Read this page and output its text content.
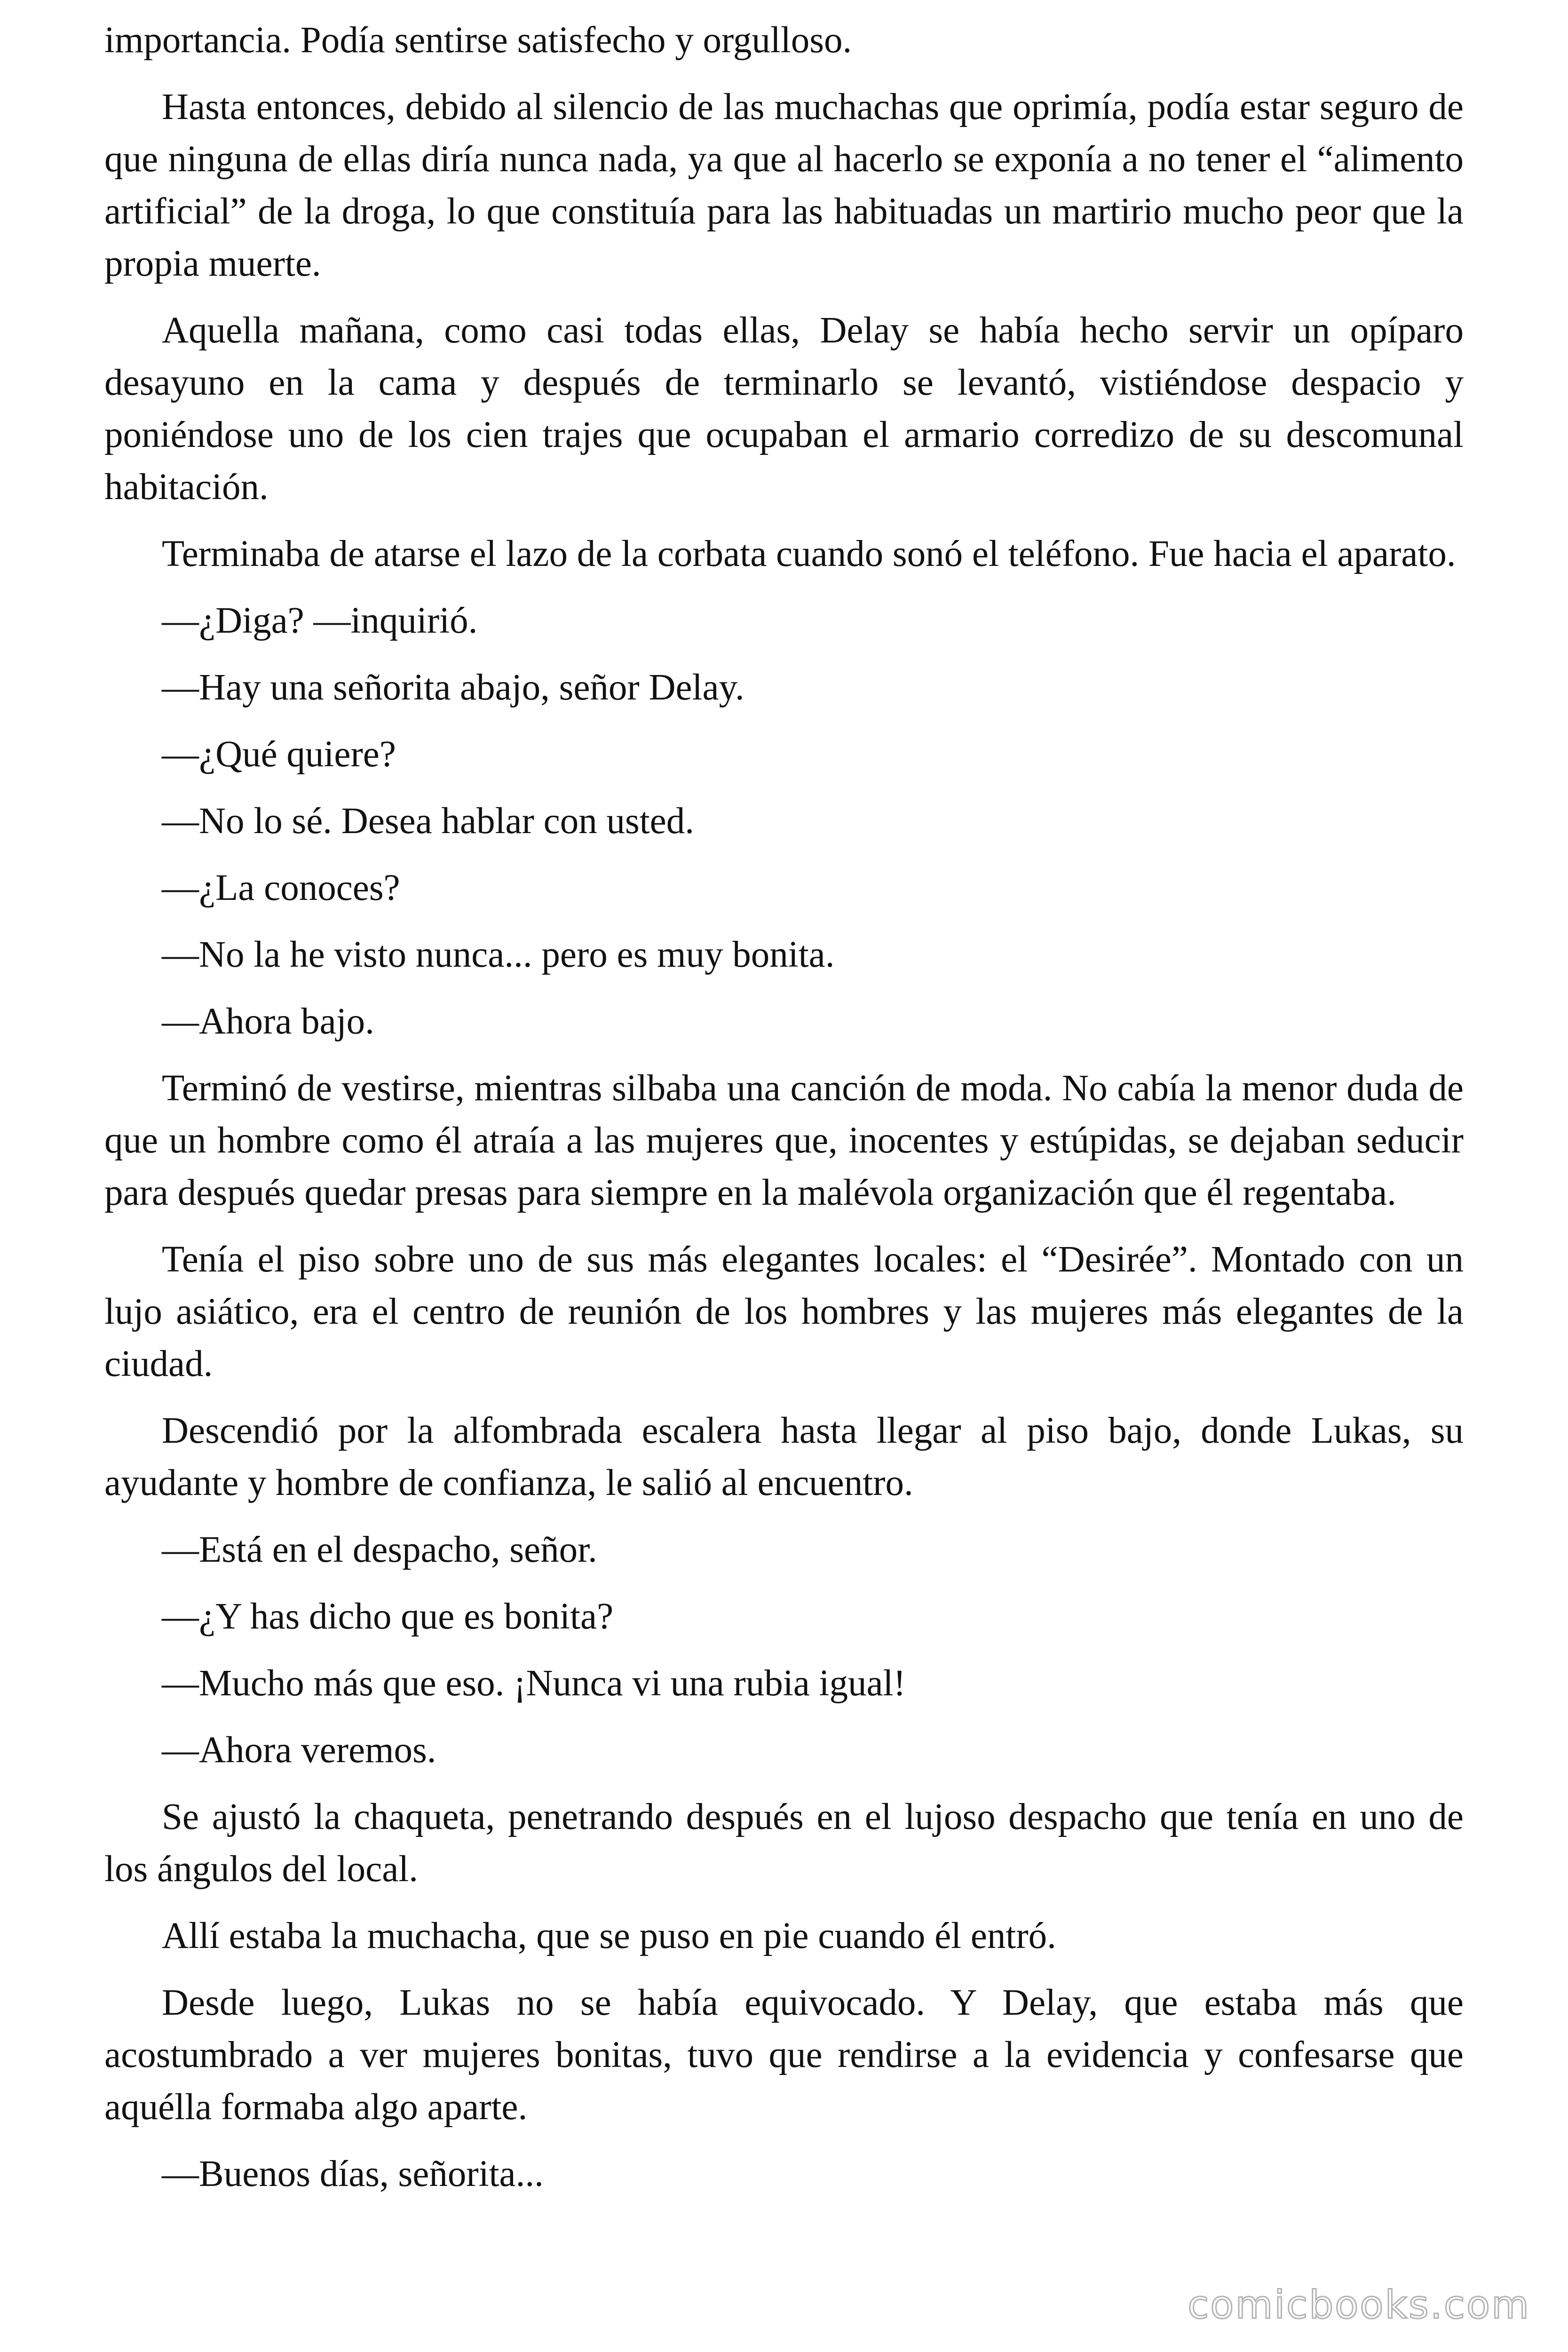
importancia. Podía sentirse satisfecho y orgulloso.

Hasta entonces, debido al silencio de las muchachas que oprimía, podía estar seguro de que ninguna de ellas diría nunca nada, ya que al hacerlo se exponía a no tener el “alimento artificial” de la droga, lo que constituía para las habituadas un martirio mucho peor que la propia muerte.

Aquella mañana, como casi todas ellas, Delay se había hecho servir un opíparo desayuno en la cama y después de terminarlo se levantó, vistiéndose despacio y poniéndose uno de los cien trajes que ocupaban el armario corredizo de su descomunal habitación.

Terminaba de atarse el lazo de la corbata cuando sonó el teléfono. Fue hacia el aparato.

—¿Diga? —inquirió.

—Hay una señorita abajo, señor Delay.

—¿Qué quiere?

—No lo sé. Desea hablar con usted.

—¿La conoces?

—No la he visto nunca... pero es muy bonita.

—Ahora bajo.

Terminó de vestirse, mientras silbaba una canción de moda. No cabía la menor duda de que un hombre como él atraía a las mujeres que, inocentes y estúpidas, se dejaban seducir para después quedar presas para siempre en la malévola organización que él regentaba.

Tenía el piso sobre uno de sus más elegantes locales: el “Desirée”. Montado con un lujo asiático, era el centro de reunión de los hombres y las mujeres más elegantes de la ciudad.

Descendió por la alfombrada escalera hasta llegar al piso bajo, donde Lukas, su ayudante y hombre de confianza, le salió al encuentro.

—Está en el despacho, señor.

—¿Y has dicho que es bonita?

—Mucho más que eso. ¡Nunca vi una rubia igual!

—Ahora veremos.

Se ajustó la chaqueta, penetrando después en el lujoso despacho que tenía en uno de los ángulos del local.

Allí estaba la muchacha, que se puso en pie cuando él entró.

Desde luego, Lukas no se había equivocado. Y Delay, que estaba más que acostumbrado a ver mujeres bonitas, tuvo que rendirse a la evidencia y confesarse que aquélla formaba algo aparte.

—Buenos días, señorita...

comicbooks.com
